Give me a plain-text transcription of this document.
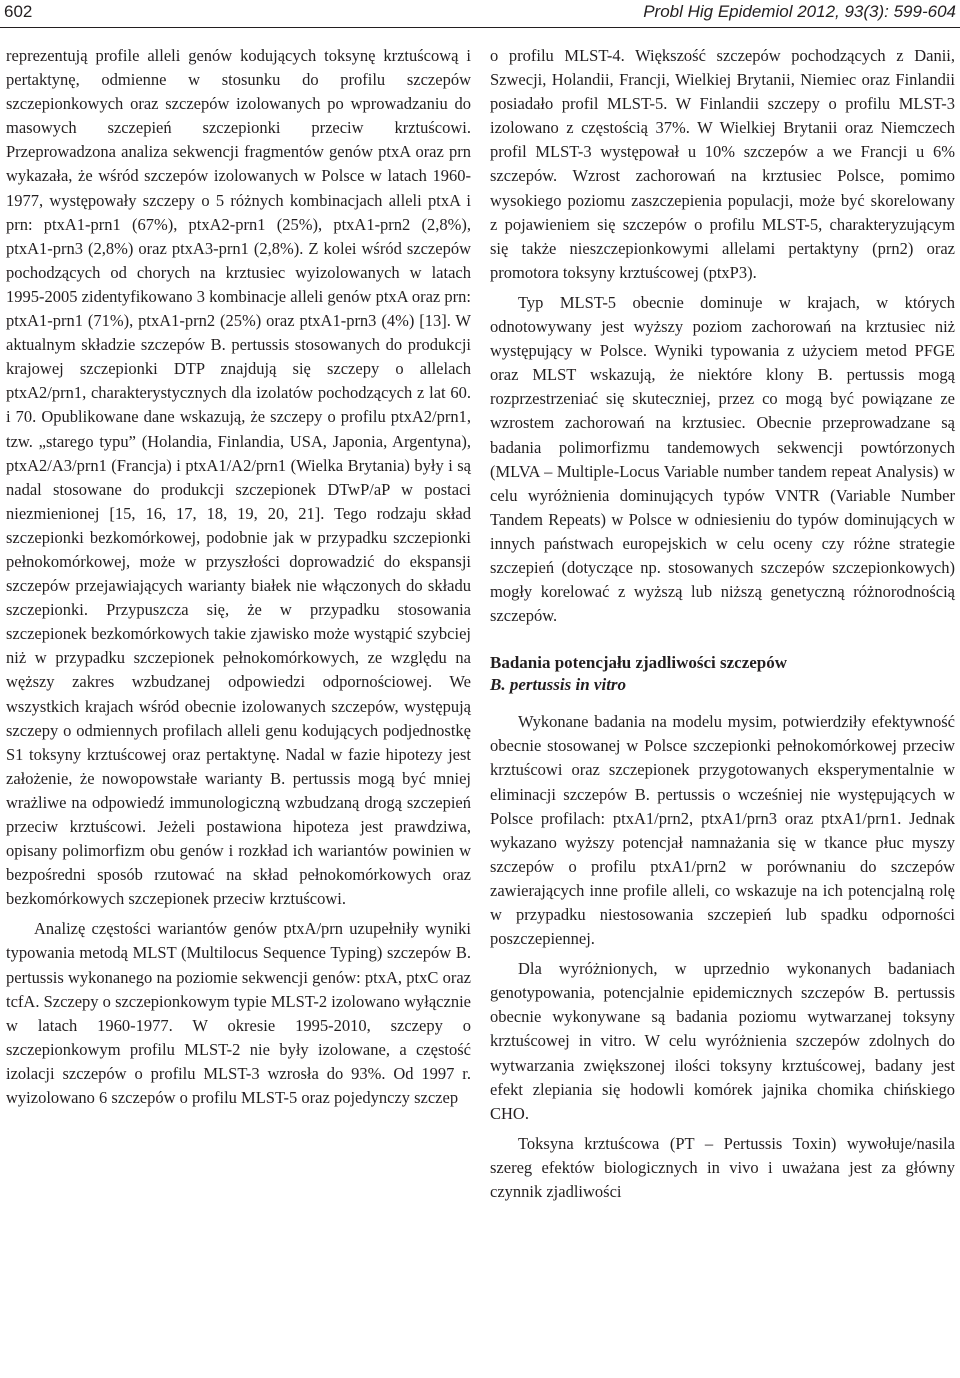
602	Probl Hig Epidemiol 2012, 93(3): 599-604

reprezentują profile alleli genów kodujących toksynę krztuścową i pertaktynę, odmienne w stosunku do profilu szczepów szczepionkowych oraz szczepów izolowanych po wprowadzaniu do masowych szczepień szczepionki przeciw krztuścowi. Przeprowadzona analiza sekwencji fragmentów genów ptxA oraz prn wykazała, że wśród szczepów izolowanych w Polsce w latach 1960-1977, występowały szczepy o 5 różnych kombinacjach alleli ptxA i prn: ptxA1-prn1 (67%), ptxA2-prn1 (25%), ptxA1-prn2 (2,8%), ptxA1-prn3 (2,8%) oraz ptxA3-prn1 (2,8%). Z kolei wśród szczepów pochodzących od chorych na krztusiec wyizolowanych w latach 1995-2005 zidentyfikowano 3 kombinacje alleli genów ptxA oraz prn: ptxA1-prn1 (71%), ptxA1-prn2 (25%) oraz ptxA1-prn3 (4%) [13]. W aktualnym składzie szczepów B. pertussis stosowanych do produkcji krajowej szczepionki DTP znajdują się szczepy o allelach ptxA2/prn1, charakterystycznych dla izolatów pochodzących z lat 60. i 70. Opublikowane dane wskazują, że szczepy o profilu ptxA2/prn1, tzw. „starego typu” (Holandia, Finlandia, USA, Japonia, Argentyna), ptxA2/A3/prn1 (Francja) i ptxA1/A2/prn1 (Wielka Brytania) były i są nadal stosowane do produkcji szczepionek DTwP/aP w postaci niezmienionej [15, 16, 17, 18, 19, 20, 21]. Tego rodzaju skład szczepionki bezkomórkowej, podobnie jak w przypadku szczepionki pełnokomórkowej, może w przyszłości doprowadzić do ekspansji szczepów przejawiających warianty białek nie włączonych do składu szczepionki. Przypuszcza się, że w przypadku stosowania szczepionek bezkomórkowych takie zjawisko może wystąpić szybciej niż w przypadku szczepionek pełnokomórkowych, ze względu na węższy zakres wzbudzanej odpowiedzi odpornościowej. We wszystkich krajach wśród obecnie izolowanych szczepów, występują szczepy o odmiennych profilach alleli genu kodujących podjednostkę S1 toksyny krztuścowej oraz pertaktynę. Nadal w fazie hipotezy jest założenie, że nowopowstałe warianty B. pertussis mogą być mniej wrażliwe na odpowiedź immunologiczną wzbudzaną drogą szczepień przeciw krztuścowi. Jeżeli postawiona hipoteza jest prawdziwa, opisany polimorfizm obu genów i rozkład ich wariantów powinien w bezpośredni sposób rzutować na skład pełnokomórkowych oraz bezkomórkowych szczepionek przeciw krztuścowi.

Analizę częstości wariantów genów ptxA/prn uzupełniły wyniki typowania metodą MLST (Multilocus Sequence Typing) szczepów B. pertussis wykonanego na poziomie sekwencji genów: ptxA, ptxC oraz tcfA. Szczepy o szczepionkowym typie MLST-2 izolowano wyłącznie w latach 1960-1977. W okresie 1995-2010, szczepy o szczepionkowym profilu MLST-2 nie były izolowane, a częstość izolacji szczepów o profilu MLST-3 wzrosła do 93%. Od 1997 r. wyizolowano 6 szczepów o profilu MLST-5 oraz pojedynczy szczep

o profilu MLST-4. Większość szczepów pochodzących z Danii, Szwecji, Holandii, Francji, Wielkiej Brytanii, Niemiec oraz Finlandii posiadało profil MLST-5. W Finlandii szczepy o profilu MLST-3 izolowano z częstością 37%. W Wielkiej Brytanii oraz Niemczech profil MLST-3 występował u 10% szczepów a we Francji u 6% szczepów. Wzrost zachorowań na krztusiec Polsce, pomimo wysokiego poziomu zaszczepienia populacji, może być skorelowany z pojawieniem się szczepów o profilu MLST-5, charakteryzującym się także nieszczepionkowymi allelami pertaktyny (prn2) oraz promotora toksyny krztuścowej (ptxP3).

Typ MLST-5 obecnie dominuje w krajach, w których odnotowywany jest wyższy poziom zachorowań na krztusiec niż występujący w Polsce. Wyniki typowania z użyciem metod PFGE oraz MLST wskazują, że niektóre klony B. pertussis mogą rozprzestrzeniać się skuteczniej, przez co mogą być powiązane ze wzrostem zachorowań na krztusiec. Obecnie przeprowadzane są badania polimorfizmu tandemowych sekwencji powtórzonych (MLVA – Multiple-Locus Variable number tandem repeat Analysis) w celu wyróżnienia dominujących typów VNTR (Variable Number Tandem Repeats) w Polsce w odniesieniu do typów dominujących w innych państwach europejskich w celu oceny czy różne strategie szczepień (dotyczące np. stosowanych szczepów szczepionkowych) mogły korelować z wyższą lub niższą genetyczną różnorodnością szczepów.

Badania potencjału zjadliwości szczepów
B. pertussis in vitro

Wykonane badania na modelu mysim, potwierdziły efektywność obecnie stosowanej w Polsce szczepionki pełnokomórkowej przeciw krztuścowi oraz szczepionek przygotowanych eksperymentalnie w eliminacji szczepów B. pertussis o wcześniej nie występujących w Polsce profilach: ptxA1/prn2, ptxA1/prn3 oraz ptxA1/prn1. Jednak wykazano wyższy potencjał namnażania się w tkance płuc myszy szczepów o profilu ptxA1/prn2 w porównaniu do szczepów zawierających inne profile alleli, co wskazuje na ich potencjalną rolę w przypadku niestosowania szczepień lub spadku odporności poszczepiennej.

Dla wyróżnionych, w uprzednio wykonanych badaniach genotypowania, potencjalnie epidemicznych szczepów B. pertussis obecnie wykonywane są badania poziomu wytwarzanej toksyny krztuścowej in vitro. W celu wyróżnienia szczepów zdolnych do wytwarzania zwiększonej ilości toksyny krztuścowej, badany jest efekt zlepiania się hodowli komórek jajnika chomika chińskiego CHO.

Toksyna krztuścowa (PT – Pertussis Toxin) wywołuje/nasila szereg efektów biologicznych in vivo i uważana jest za główny czynnik zjadliwości
